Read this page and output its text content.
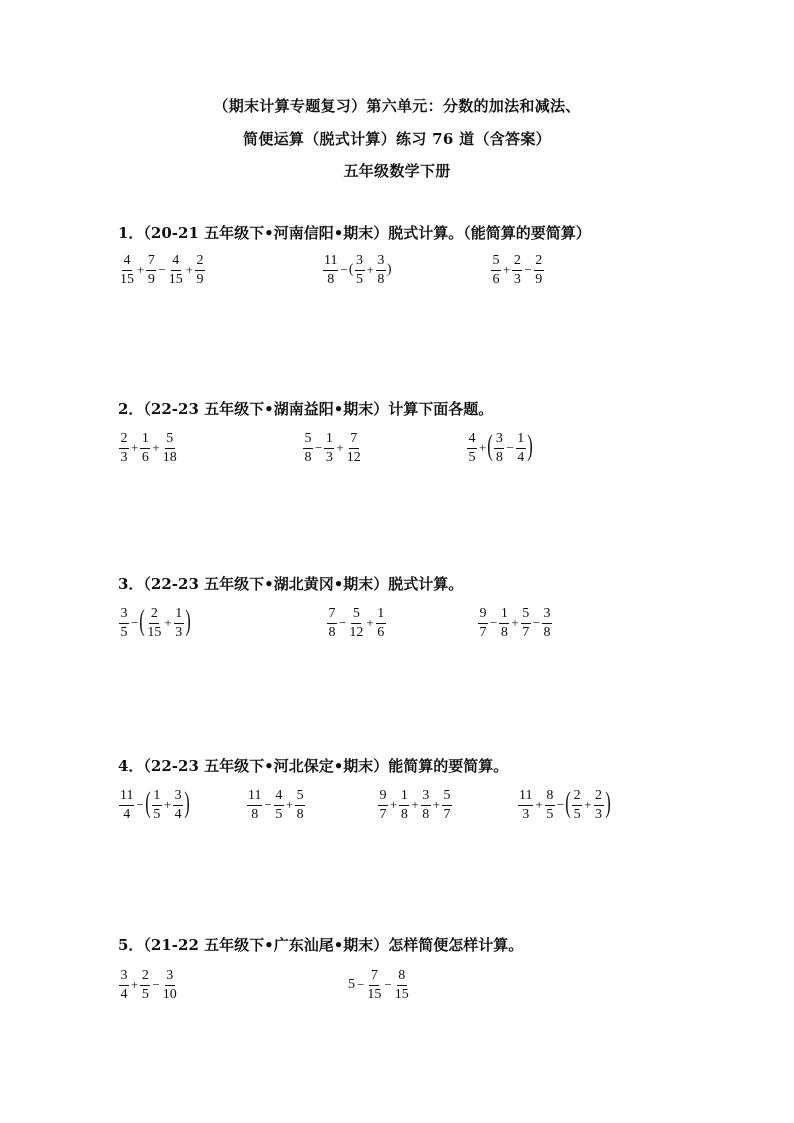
（期末计算专题复习）第六单元：分数的加法和减法、
简便运算（脱式计算）练习 76 道（含答案）
五年级数学下册
1．（20-21 五年级下•河南信阳•期末）脱式计算。（能简算的要简算）
$\frac{4}{15} + \frac{7}{9} - \frac{4}{15} + \frac{2}{9}$	$\frac{11}{8}$ − ( $\frac{3}{5} + \frac{3}{8}$ )	$\frac{5}{6} + \frac{2}{3} - \frac{2}{9}$
2．（22-23 五年级下•湖南益阳•期末）计算下面各题。
$\frac{2}{3} + \frac{1}{6} + \frac{5}{18}$	$\frac{5}{8} - \frac{1}{3} + \frac{7}{12}$	$\frac{4}{5}$ + ( $\frac{3}{8} - \frac{1}{4}$ )
3．（22-23 五年级下•湖北黄冈•期末）脱式计算。
$\frac{3}{5}$ − ( $\frac{2}{15} + \frac{1}{3}$ )	$\frac{7}{8} - \frac{5}{12} + \frac{1}{6}$	$\frac{9}{7} - \frac{1}{8} + \frac{5}{7} - \frac{3}{8}$
4．（22-23 五年级下•河北保定•期末）能简算的要简算。
$\frac{11}{4}$ − ( $\frac{1}{5} + \frac{3}{4}$ )	$\frac{11}{8} - \frac{4}{5} + \frac{5}{8}$	$\frac{9}{7} + \frac{1}{8} + \frac{3}{8} + \frac{5}{7}$	$\frac{11}{3} + \frac{8}{5}$ − ( $\frac{2}{5} + \frac{2}{3}$ )
5．（21-22 五年级下•广东汕尾•期末）怎样简便怎样计算。
$\frac{3}{4} + \frac{2}{5} - \frac{3}{10}$	$5 - \frac{7}{15} - \frac{8}{15}$
